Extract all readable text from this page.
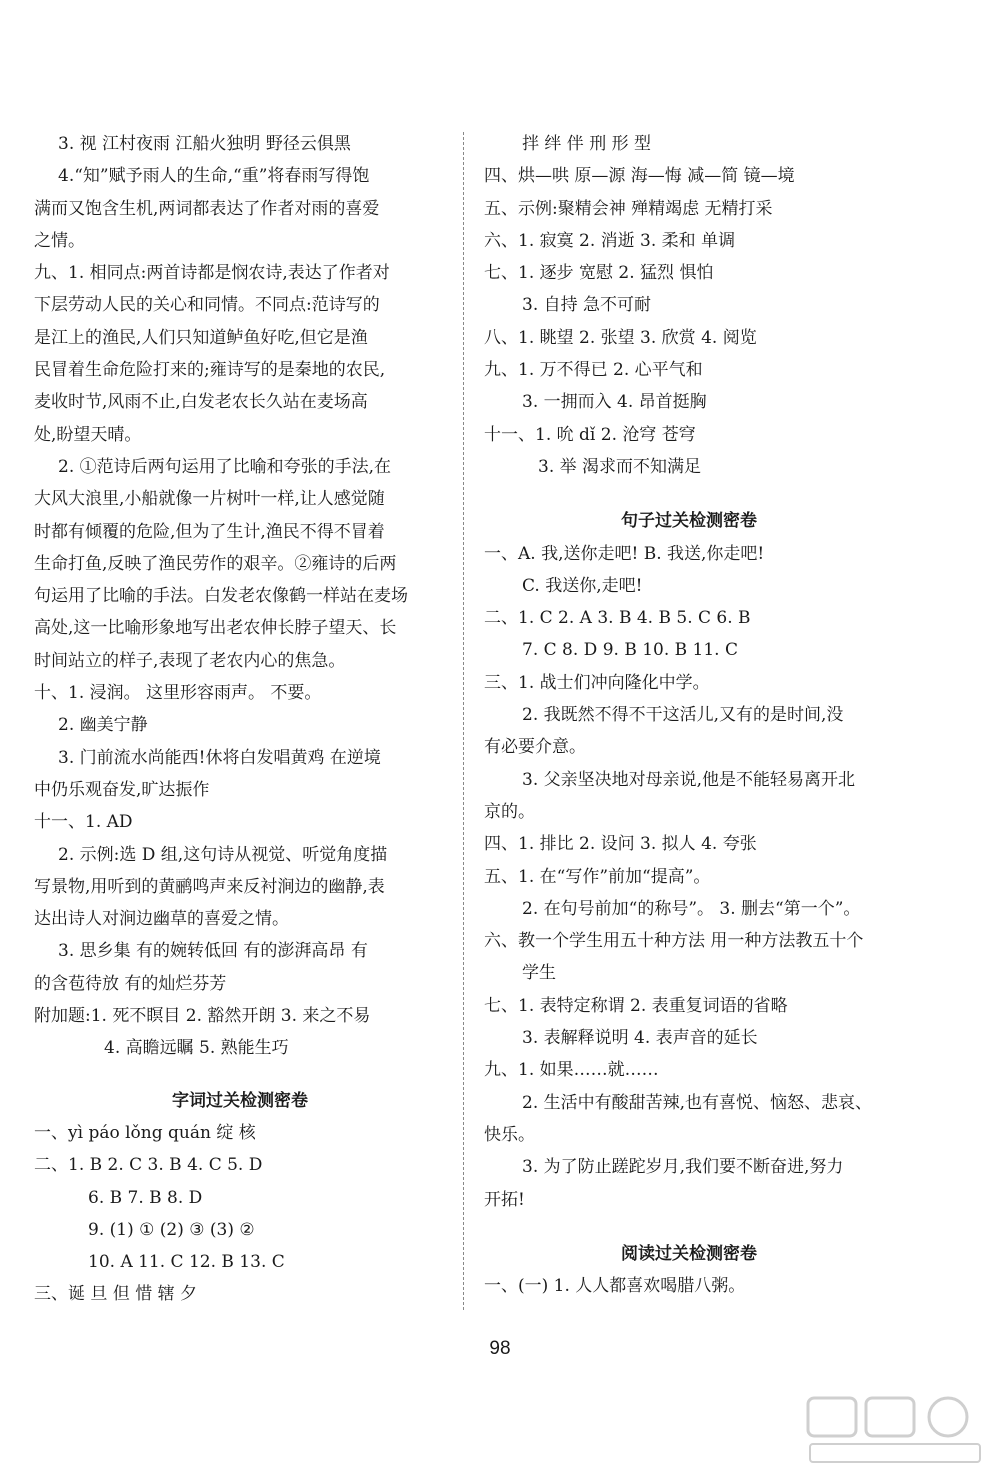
3. 视 江村夜雨 江船火独明 野径云俱黑
4.“知”赋予雨人的生命,“重”将春雨写得饱
满而又饱含生机,两词都表达了作者对雨的喜爱
之情。
九、1. 相同点:两首诗都是悯农诗,表达了作者对
下层劳动人民的关心和同情。不同点:范诗写的
是江上的渔民,人们只知道鲈鱼好吃,但它是渔
民冒着生命危险打来的;雍诗写的是秦地的农民,
麦收时节,风雨不止,白发老农长久站在麦场高
处,盼望天晴。
2. ①范诗后两句运用了比喻和夸张的手法,在
大风大浪里,小船就像一片树叶一样,让人感觉随
时都有倾覆的危险,但为了生计,渔民不得不冒着
生命打鱼,反映了渔民劳作的艰辛。②雍诗的后两
句运用了比喻的手法。白发老农像鹤一样站在麦场
高处,这一比喻形象地写出老农伸长脖子望天、长
时间站立的样子,表现了老农内心的焦急。
十、1. 浸润。 这里形容雨声。 不要。
2. 幽美宁静
3. 门前流水尚能西!休将白发唱黄鸡 在逆境
中仍乐观奋发,旷达振作
十一、1. AD
2. 示例:选 D 组,这句诗从视觉、听觉角度描
写景物,用听到的黄鹂鸣声来反衬涧边的幽静,表
达出诗人对涧边幽草的喜爱之情。
3. 思乡集 有的婉转低回 有的澎湃高昂 有
的含苞待放 有的灿烂芬芳
附加题:1. 死不瞑目 2. 豁然开朗 3. 来之不易
4. 高瞻远瞩 5. 熟能生巧
字词过关检测密卷
一、yì páo lǒng quán 绽 核
二、1. B 2. C 3. B 4. C 5. D
6. B 7. B 8. D
9. (1) ① (2) ③ (3) ②
10. A 11. C 12. B 13. C
三、诞 旦 但 惜 辖 夕
拌 绊 伴 刑 形 型
四、烘—哄 原—源 海—悔 减—简 镜—境
五、示例:聚精会神 殚精竭虑 无精打采
六、1. 寂寞 2. 消逝 3. 柔和 单调
七、1. 逐步 宽慰 2. 猛烈 惧怕
3. 自持 急不可耐
八、1. 眺望 2. 张望 3. 欣赏 4. 阅览
九、1. 万不得已 2. 心平气和
3. 一拥而入 4. 昂首挺胸
十一、1. 吮 dǐ 2. 沧穹 苍穹
3. 举 渴求而不知满足
句子过关检测密卷
一、A. 我,送你走吧! B. 我送,你走吧!
C. 我送你,走吧!
二、1. C 2. A 3. B 4. B 5. C 6. B
7. C 8. D 9. B 10. B 11. C
三、1. 战士们冲向隆化中学。
2. 我既然不得不干这活儿,又有的是时间,没
有必要介意。
3. 父亲坚决地对母亲说,他是不能轻易离开北
京的。
四、1. 排比 2. 设问 3. 拟人 4. 夸张
五、1. 在“写作”前加“提高”。
2. 在句号前加“的称号”。 3. 删去“第一个”。
六、教一个学生用五十种方法 用一种方法教五十个
学生
七、1. 表特定称谓 2. 表重复词语的省略
3. 表解释说明 4. 表声音的延长
九、1. 如果……就……
2. 生活中有酸甜苦辣,也有喜悦、恼怒、悲哀、
快乐。
3. 为了防止蹉跎岁月,我们要不断奋进,努力
开拓!
阅读过关检测密卷
一、(一) 1. 人人都喜欢喝腊八粥。
98
